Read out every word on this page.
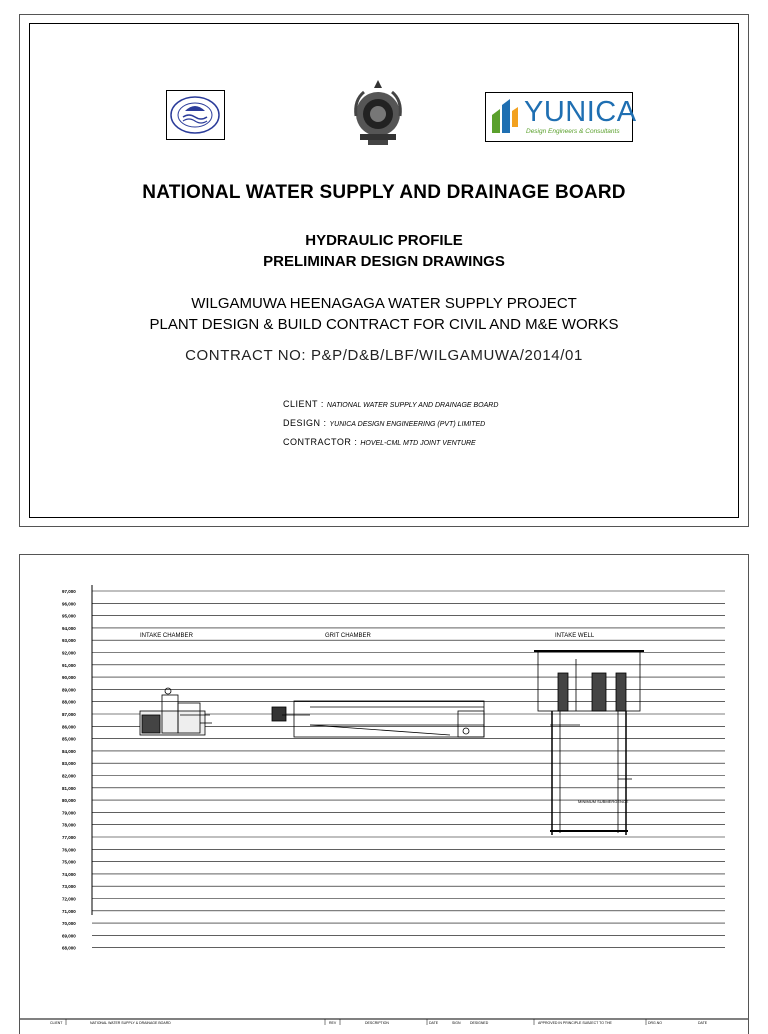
YUNICA
Design Engineers & Consultants
NATIONAL WATER SUPPLY AND DRAINAGE BOARD
HYDRAULIC PROFILE
PRELIMINAR DESIGN DRAWINGS
WILGAMUWA HEENAGAGA WATER SUPPLY PROJECT
PLANT DESIGN & BUILD CONTRACT FOR CIVIL AND M&E WORKS
CONTRACT NO: P&P/D&B/LBF/WILGAMUWA/2014/01
CLIENT : NATIONAL WATER SUPPLY AND DRAINAGE BOARD
DESIGN : YUNICA DESIGN ENGINEERING (PVT) LIMITED
CONTRACTOR : HOVEL-CML MTD JOINT VENTURE
97,000
96,000
95,000
94,000
93,000
92,000
91,000
90,000
89,000
88,000
87,000
86,000
85,000
84,000
83,000
82,000
81,000
80,000
79,000
78,000
77,000
76,000
75,000
74,000
73,000
72,000
71,000
70,000
69,000
68,000
INTAKE CHAMBER	GRIT CHAMBER	INTAKE WELL
MINIMUM SUBMERGENCE
CLIENT	NATIONAL WATER SUPPLY & DRAINAGE BOARD	REV	DESCRIPTION	DATE	SIGN	DESIGNED	APPROVED IN PRINCIPLE SUBJECT TO THE	DRG.NO	DATE
